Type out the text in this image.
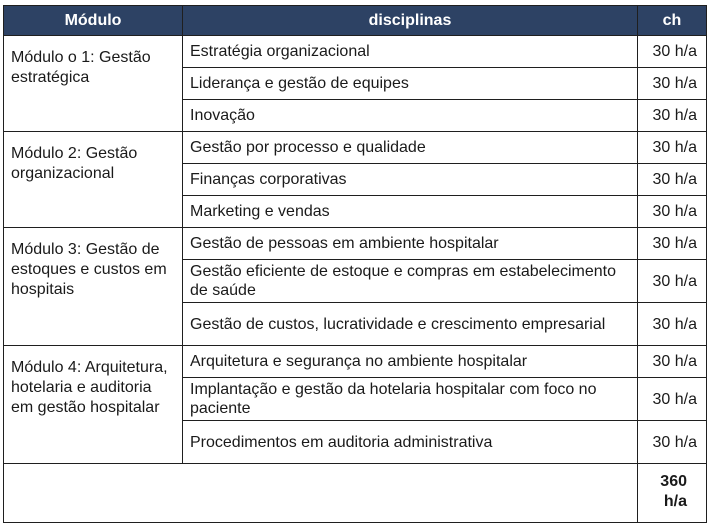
Módulo	disciplinas	ch
Módulo o 1: Gestão estratégica	Estratégia organizacional	30 h/a
	Liderança e gestão de equipes	30 h/a
	Inovação	30 h/a
Módulo 2: Gestão organizacional	Gestão por processo e qualidade	30 h/a
	Finanças corporativas	30 h/a
	Marketing e vendas	30 h/a
Módulo 3: Gestão de estoques e custos em hospitais	Gestão de pessoas em ambiente hospitalar	30 h/a
	Gestão eficiente de estoque e compras em estabelecimento de saúde	30 h/a
	Gestão de custos, lucratividade e crescimento empresarial	30 h/a
Módulo 4: Arquitetura, hotelaria e auditoria em gestão hospitalar	Arquitetura e segurança no ambiente hospitalar	30 h/a
	Implantação e gestão da hotelaria hospitalar com foco no paciente	30 h/a
	Procedimentos em auditoria administrativa	30 h/a
		360
h/a
